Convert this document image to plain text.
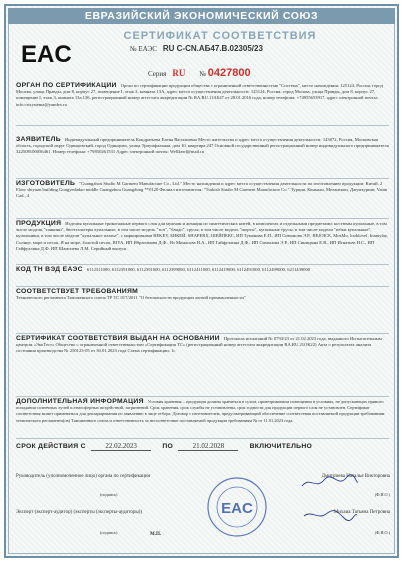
ЕВРАЗИЙСКИЙ ЭКОНОМИЧЕСКИЙ СОЮЗ
EAC
СЕРТИФИКАТ СООТВЕТСТВИЯ
№ ЕАЭС RU C-CN.АБ47.В.02305/23
Серия RU № 0427800
ОРГАН ПО СЕРТИФИКАЦИИ Орган по сертификации продукции общества с ограниченной ответственностью "Система", место нахождения: 125124, Россия, город Москва, улица Правды, дом 8, корпус 27, помещение I, этаж 3, комната 13А, адрес места осуществления деятельности: 125124, Россия, город Москва, улица Правды, дом 8, корпус 27, помещение I, этаж 3, комната 13а,136, регистрационный номер аттестата аккредитации № RA.RU.11АБ47 от 28.01.2016 года, номер телефона: +74955653917, адрес электронной почты: info.cstsystema@yandex.ru
ЗАЯВИТЕЛЬ Индивидуальный предприниматель Кондратьева Елена Васильевна Место жительства и адрес места осуществления деятельности: 143072, Россия, Московская область, городской округ Одинцовский, город Одинцово, улица Триумфальная, дом 10, квартира 247 Основной государственный регистрационный номер индивидуального предпринимателя 322508100056461. Номер телефона: +79850261531 Адрес электронной почты: Wellkerd@mail.ru
ИЗГОТОВИТЕЛЬ "Guangzhou Studio M Garment Manufacture Co., Ltd." Место нахождения и адрес места осуществления деятельности по изготовлению продукции: Китай, 2 Floor shiyuan building Gongyedadao middle Guangzhou Guangdong **0120 Филиал изготовителя: "Turkish Studio M Garment Manufacture Co." Турция, Коньяли, Меланткои, Джумхурият, Vatan Cad., 4
ПРОДУКЦИЯ Изделия купальные трикотажные первого слоя для мужчин и женщин из синтетических нитей, в комплектах и отдельными предметами: костюмы купальные, в том числе модели "танкини", бюстгальтеры купальные, в том числе модель "топ", "бандо", трусы, в том числе модель "шорты", купальные трусы, в том числе модели "юбки купальные", купальники, в том числе модели "купальное платье", с маркировками BEKEY, БИКЕЙ, SHAPERX, ШЕЙПЕКС, ИП Туманова Е.П., ИП Симонова Э.Р., REJOICE, MosMo, looklovel, Inamylay, Солнце, море и песок, Я на море, Золотой песок, RIYA, ИП Ибрагимова Д.Ф., Из Минасова Н.А., ИП Гайфуллина Д.Ф., ИП Симонова Э.Р., ИП Синицына Е.В., ИП Игнатьев Н.С., ИП Гайфуллина Д.Ф. ИП Шамсиева Л.М. Серийный выпуск
КОД ТН ВЭД ЕАЭС 6112311000, 6112391000, 6112391000, 6112399000, 6112411000, 6112419000, 6112491000, 6112499000, 6211439000
СООТВЕТСТВУЕТ ТРЕБОВАНИЯМ
Технического регламента Таможенного союза ТР ТС 017/2011 "О безопасности продукции легкой промышленности"
СЕРТИФИКАТ СООТВЕТСТВИЯ ВЫДАН НА ОСНОВАНИИ Протокола испытаний № 0793/23 от 21.02.2023 года, выданного Испытательным центром «ЭкоТест» Общество с ограниченной ответственностью «Сертификация ТС» (регистрационный номер аттестата аккредитации RA.RU.21ОК22) Акта о результатах анализа состояния производства № 250123-05 от 30.01.2023 года Схема сертификации: 1с
ДОПОЛНИТЕЛЬНАЯ ИНФОРМАЦИЯ Условия хранения – продукция должна храниться в сухом, проветриваемом помещении в условиях, не допускающих прямого попадания солнечных лучей и атмосферных воздействий, загрязнений. Срок хранения, срок службы не установлены, срок годности для продукции первого слоя не установлен. Сертификат соответствия может применяться для декларирования по заявлению в лице отбора. Договор с изготовителем, предусматривающий обеспечение соответствия поставляемой продукции требованиям технического регламента(ов) Таможенного союза и ответственность за несоответствие поставляемой продукции требованиям № от 11.01.2023 года.
СРОК ДЕЙСТВИЯ С	22.02.2023	ПО	21.02.2028	ВКЛЮЧИТЕЛЬНО
Руководитель (уполномоченное лицо) органа по сертификации
(подпись)
Дмитриева Наталья Викторовна
(Ф.И.О.)
Эксперт (эксперт-аудитор) (эксперты (эксперты-аудиторы))
(подпись)
Михаиа Татьяна Петровна
(Ф.И.О.)
М.П.
EAC
